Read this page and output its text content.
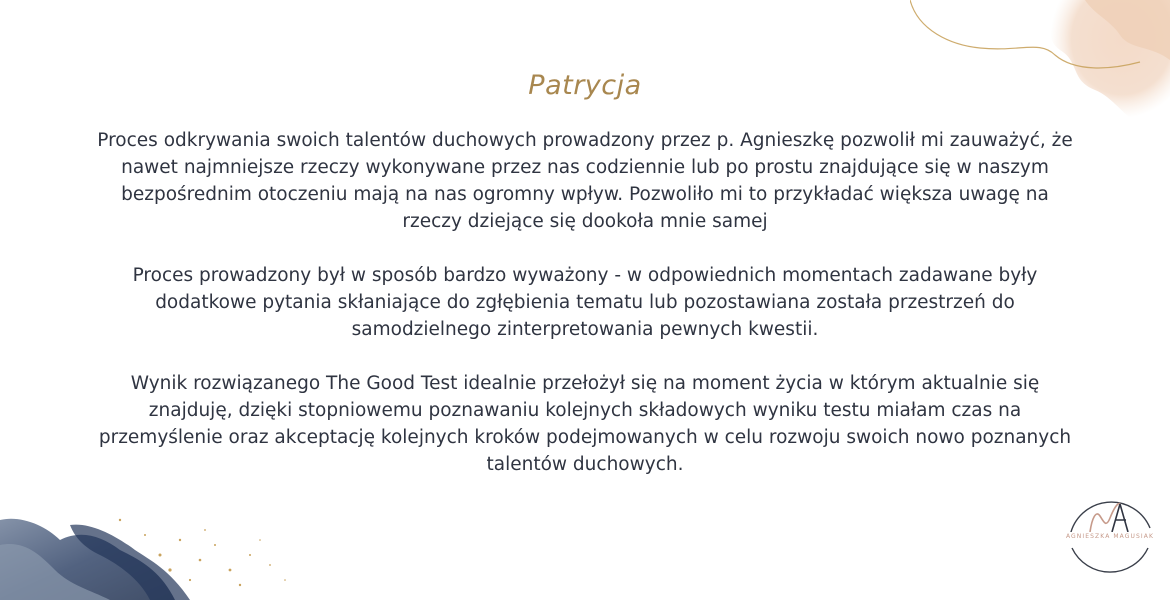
Patrycja

Proces odkrywania swoich talentów duchowych prowadzony przez p. Agnieszkę pozwolił mi zauważyć, że nawet najmniejsze rzeczy wykonywane przez nas codziennie lub po prostu znajdujące się w naszym bezpośrednim otoczeniu mają na nas ogromny wpływ. Pozwoliło mi to przykładać większa uwagę na rzeczy dziejące się dookoła mnie samej

Proces prowadzony był w sposób bardzo wyważony - w odpowiednich momentach zadawane były dodatkowe pytania skłaniające do zgłębienia tematu lub pozostawiana została przestrzeń do samodzielnego zinterpretowania pewnych kwestii.

Wynik rozwiązanego The Good Test idealnie przełożył się na moment życia w którym aktualnie się znajduję, dzięki stopniowemu poznawaniu kolejnych składowych wyniku testu miałam czas na przemyślenie oraz akceptację kolejnych kroków podejmowanych w celu rozwoju swoich nowo poznanych talentów duchowych.

AGNIESZKA MAGUSIAK
